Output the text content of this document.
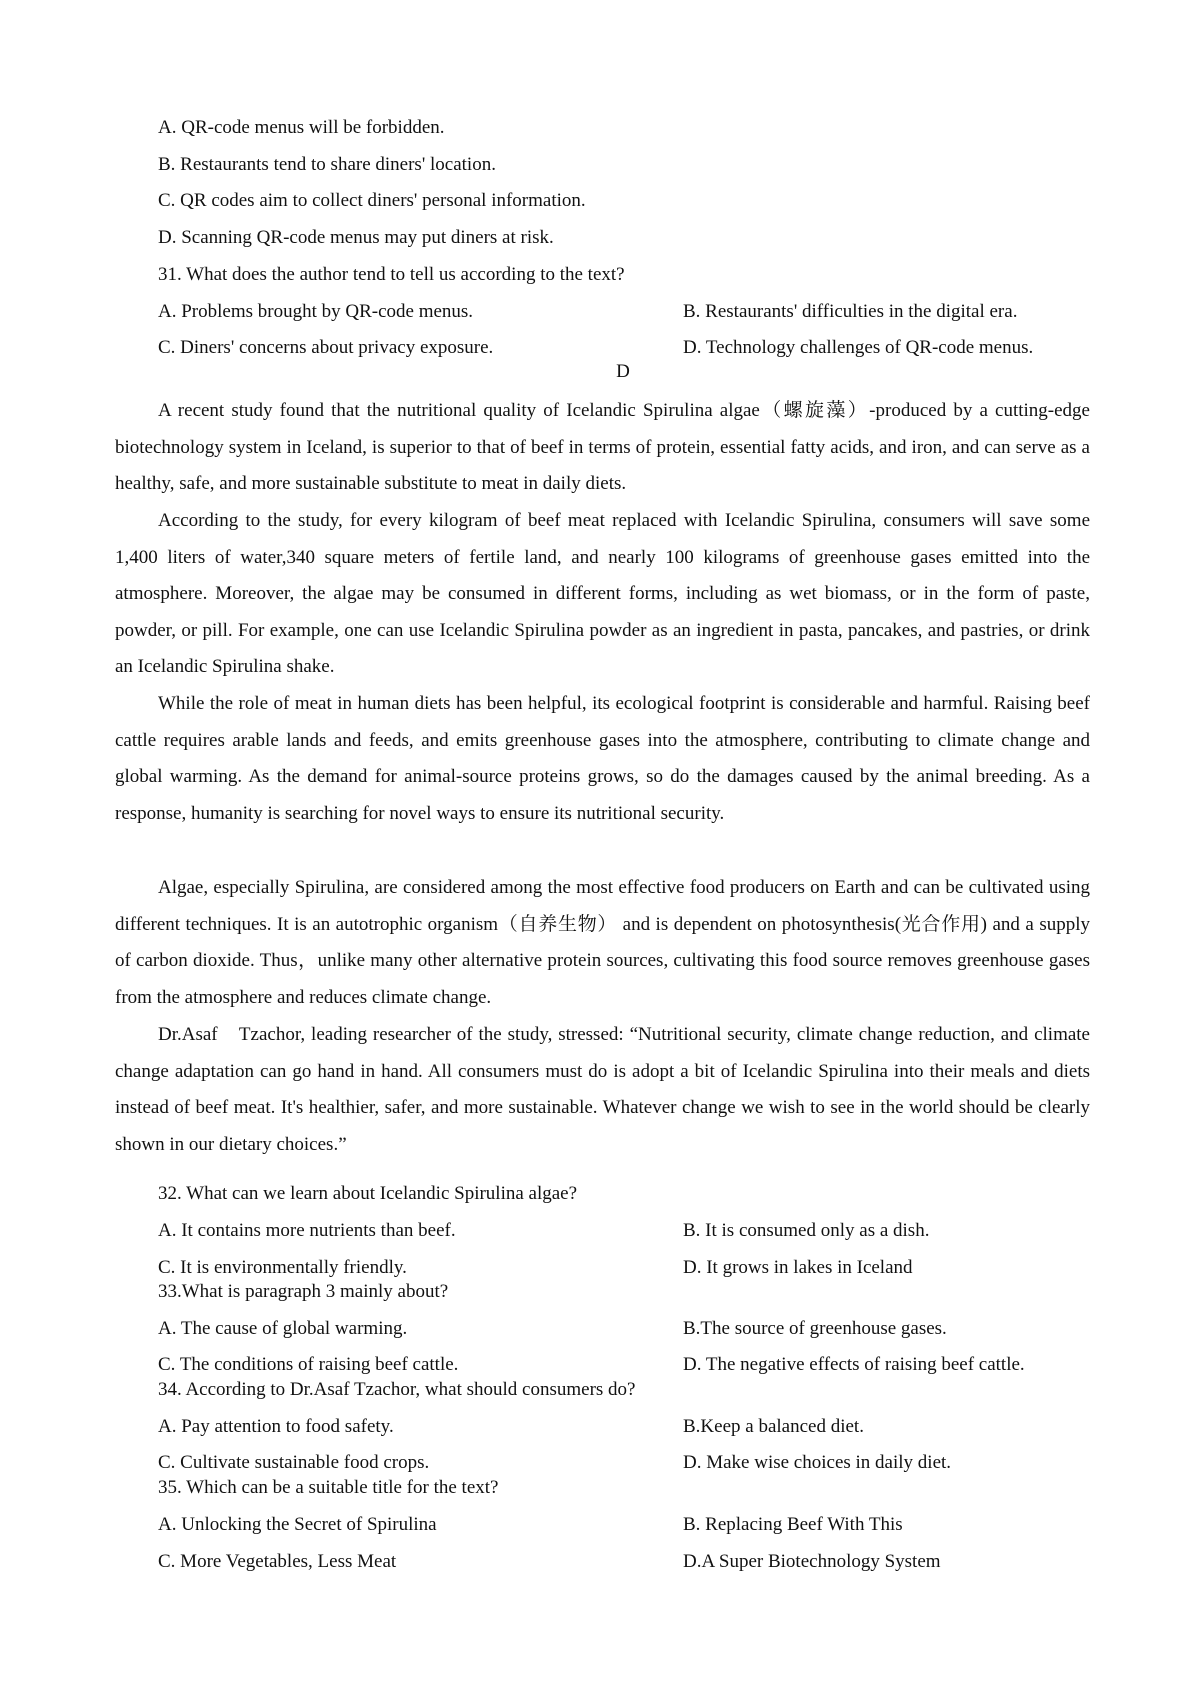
A. QR-code menus will be forbidden.
B. Restaurants tend to share diners' location.
C. QR codes aim to collect diners' personal information.
D. Scanning QR-code menus may put diners at risk.
31. What does the author tend to tell us according to the text?
A. Problems brought by QR-code menus.	B. Restaurants' difficulties in the digital era.
C. Diners' concerns about privacy exposure.	D. Technology challenges of QR-code menus.
D

A recent study found that the nutritional quality of Icelandic Spirulina algae（螺旋藻）-produced by a cutting-edge biotechnology system in Iceland, is superior to that of beef in terms of protein, essential fatty acids, and iron, and can serve as a healthy, safe, and more sustainable substitute to meat in daily diets.

According to the study, for every kilogram of beef meat replaced with Icelandic Spirulina, consumers will save some 1,400 liters of water,340 square meters of fertile land, and nearly 100 kilograms of greenhouse gases emitted into the atmosphere. Moreover, the algae may be consumed in different forms, including as wet biomass, or in the form of paste, powder, or pill. For example, one can use Icelandic Spirulina powder as an ingredient in pasta, pancakes, and pastries, or drink an Icelandic Spirulina shake.

While the role of meat in human diets has been helpful, its ecological footprint is considerable and harmful. Raising beef cattle requires arable lands and feeds, and emits greenhouse gases into the atmosphere, contributing to climate change and global warming. As the demand for animal-source proteins grows, so do the damages caused by the animal breeding. As a response, humanity is searching for novel ways to ensure its nutritional security.

Algae, especially Spirulina, are considered among the most effective food producers on Earth and can be cultivated using different techniques. It is an autotrophic organism（自养生物） and is dependent on photosynthesis(光合作用) and a supply of carbon dioxide. Thus，unlike many other alternative protein sources, cultivating this food source removes greenhouse gases from the atmosphere and reduces climate change.

Dr.Asaf　Tzachor, leading researcher of the study, stressed: “Nutritional security, climate change reduction, and climate change adaptation can go hand in hand. All consumers must do is adopt a bit of Icelandic Spirulina into their meals and diets instead of beef meat. It's healthier, safer, and more sustainable. Whatever change we wish to see in the world should be clearly shown in our dietary choices.”

32. What can we learn about Icelandic Spirulina algae?
A. It contains more nutrients than beef.	B. It is consumed only as a dish.
C. It is environmentally friendly.	D. It grows in lakes in Iceland
33.What is paragraph 3 mainly about?
A. The cause of global warming.	B.The source of greenhouse gases.
C. The conditions of raising beef cattle.	D. The negative effects of raising beef cattle.
34. According to Dr.Asaf Tzachor, what should consumers do?
A. Pay attention to food safety.	B.Keep a balanced diet.
C. Cultivate sustainable food crops.	D. Make wise choices in daily diet.
35. Which can be a suitable title for the text?
A. Unlocking the Secret of Spirulina	B. Replacing Beef With This
C. More Vegetables, Less Meat	D.A Super Biotechnology System
